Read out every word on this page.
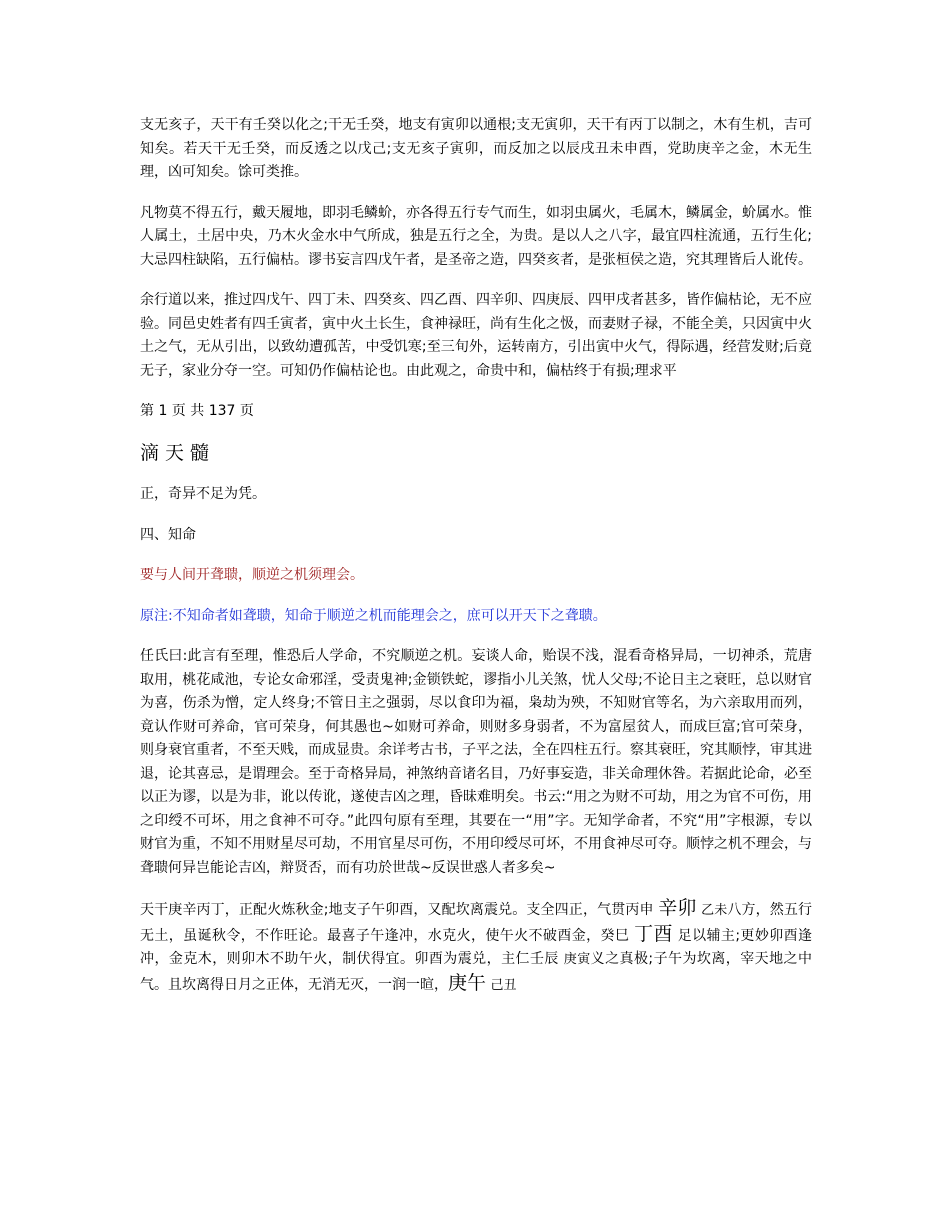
支无亥子，天干有壬癸以化之;干无壬癸，地支有寅卯以通根;支无寅卯，天干有丙丁以制之，木有生机，吉可知矣。若天干无壬癸，而反透之以戊己;支无亥子寅卯，而反加之以辰戌丑未申酉，党助庚辛之金，木无生理，凶可知矣。馀可类推。

凡物莫不得五行，戴天履地，即羽毛鳞蚧，亦各得五行专气而生，如羽虫属火，毛属木，鳞属金，蚧属水。惟人属土，土居中央，乃木火金水中气所成，独是五行之全，为贵。是以人之八字，最宜四柱流通，五行生化;大忌四柱缺陷，五行偏枯。谬书妄言四戊午者，是圣帝之造，四癸亥者，是张桓侯之造，究其理皆后人讹传。

余行道以来，推过四戊午、四丁未、四癸亥、四乙酉、四辛卯、四庚辰、四甲戌者甚多，皆作偏枯论，无不应验。同邑史姓者有四壬寅者，寅中火土长生，食神禄旺，尚有生化之忣，而妻财子禄，不能全美，只因寅中火土之气，无从引出，以致幼遭孤苦，中受饥寒;至三旬外，运转南方，引出寅中火气，得际遇，经营发财;后竟无子，家业分夺一空。可知仍作偏枯论也。由此观之，命贵中和，偏枯终于有损;理求平

第 1 页 共 137 页
滴天髓

正，奇异不足为凭。

四、知命

要与人间开聋聩，顺逆之机须理会。

原注:不知命者如聋聩，知命于顺逆之机而能理会之，庶可以开天下之聋聩。

任氏曰:此言有至理，惟恐后人学命，不究顺逆之机。妄谈人命，贻误不浅，混看奇格异局，一切神杀，荒唐取用，桃花咸池，专论女命邪淫，受责鬼神;金锁铁蛇，谬指小儿关煞，忧人父母;不论日主之衰旺，总以财官为喜，伤杀为憎，定人终身;不管日主之强弱，尽以食印为福，枭劫为殃，不知财官等名，为六亲取用而列，竟认作财可养命，官可荣身，何其愚也~如财可养命，则财多身弱者，不为富屋贫人，而成巨富;官可荣身，则身衰官重者，不至天贱，而成显贵。余详考古书，子平之法，全在四柱五行。察其衰旺，究其顺悖，审其进退，论其喜忌，是谓理会。至于奇格异局，神煞纳音诸名目，乃好事妄造，非关命理休咎。若据此论命，必至以正为谬，以是为非，讹以传讹，遂使吉凶之理，昏昧难明矣。书云:“用之为财不可劫，用之为官不可伤，用之印绶不可坏，用之食神不可夺。”此四句原有至理，其要在一“用”字。无知学命者，不究“用”字根源，专以财官为重，不知不用财星尽可劫，不用官星尽可伤，不用印绶尽可坏，不用食神尽可夺。顺悖之机不理会，与聋聩何异岂能论吉凶，辩贤否，而有功於世哉~反误世惑人者多矣~

天干庚辛丙丁，正配火炼秋金;地支子午卯酉，又配坎离震兑。支全四正，气贯丙申 辛卯 乙未八方，然五行无土，虽诞秋令，不作旺论。最喜子午逢冲，水克火，使午火不破酉金，癸巳 丁酉 足以辅主;更妙卯酉逢冲，金克木，则卯木不助午火，制伏得宜。卯酉为震兑，主仁壬辰 庚寅义之真极;子午为坎离，宰天地之中气。且坎离得日月之正体，无消无灭，一润一暄，庚午 己丑
